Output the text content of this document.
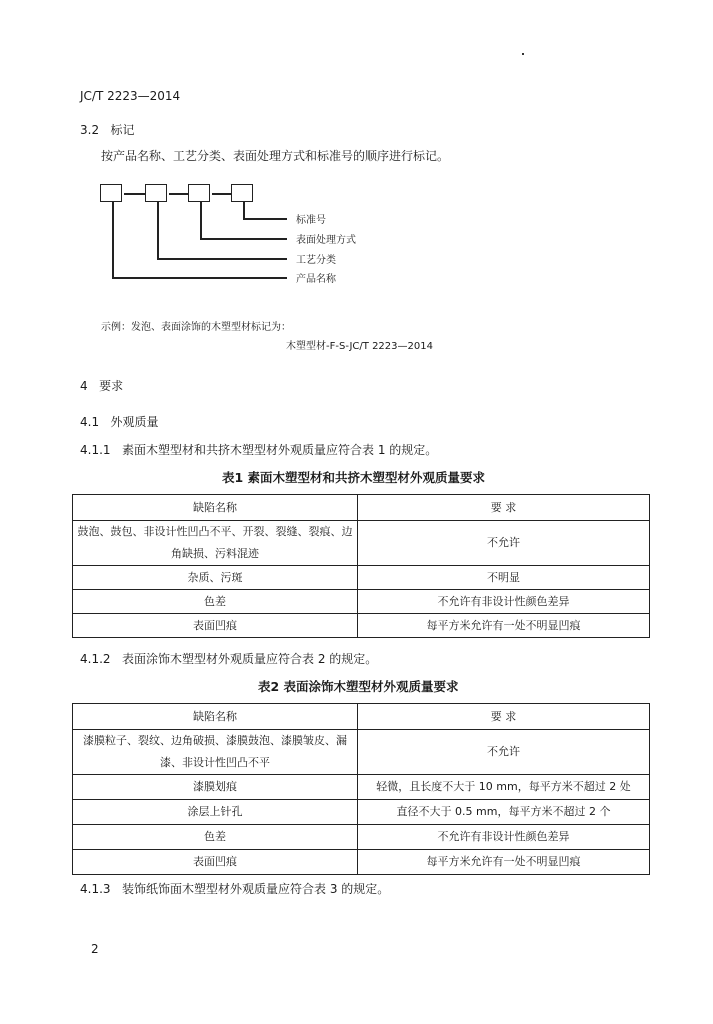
JC/T 2223—2014
3.2 标记
按产品名称、工艺分类、表面处理方式和标准号的顺序进行标记。
标准号
表面处理方式
工艺分类
产品名称
示例：发泡、表面涂饰的木塑型材标记为：
木塑型材-F-S-JC/T 2223—2014
4 要求
4.1 外观质量
4.1.1 素面木塑型材和共挤木塑型材外观质量应符合表 1 的规定。
表1 素面木塑型材和共挤木塑型材外观质量要求
缺陷名称	要 求
鼓泡、鼓包、非设计性凹凸不平、开裂、裂缝、裂痕、边角缺损、污料混迹	不允许
杂质、污斑	不明显
色差	不允许有非设计性颜色差异
表面凹痕	每平方米允许有一处不明显凹痕
4.1.2 表面涂饰木塑型材外观质量应符合表 2 的规定。
表2 表面涂饰木塑型材外观质量要求
缺陷名称	要 求
漆膜粒子、裂纹、边角破损、漆膜鼓泡、漆膜皱皮、漏漆、非设计性凹凸不平	不允许
漆膜划痕	轻微，且长度不大于 10 mm，每平方米不超过 2 处
涂层上针孔	直径不大于 0.5 mm，每平方米不超过 2 个
色差	不允许有非设计性颜色差异
表面凹痕	每平方米允许有一处不明显凹痕
4.1.3 装饰纸饰面木塑型材外观质量应符合表 3 的规定。
2
